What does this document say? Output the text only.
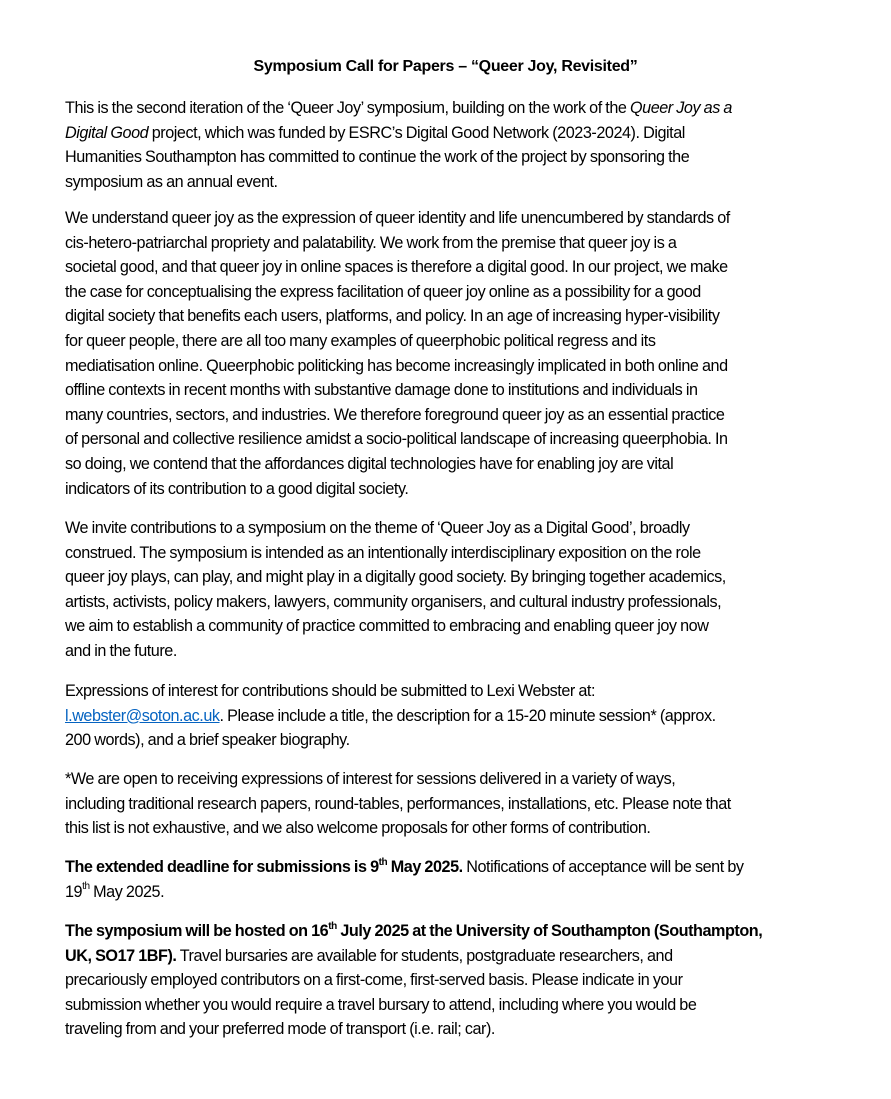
Symposium Call for Papers – “Queer Joy, Revisited”
This is the second iteration of the ‘Queer Joy’ symposium, building on the work of the Queer Joy as a
Digital Good project, which was funded by ESRC’s Digital Good Network (2023-2024). Digital
Humanities Southampton has committed to continue the work of the project by sponsoring the
symposium as an annual event.
We understand queer joy as the expression of queer identity and life unencumbered by standards of
cis-hetero-patriarchal propriety and palatability. We work from the premise that queer joy is a
societal good, and that queer joy in online spaces is therefore a digital good. In our project, we make
the case for conceptualising the express facilitation of queer joy online as a possibility for a good
digital society that benefits each users, platforms, and policy. In an age of increasing hyper-visibility
for queer people, there are all too many examples of queerphobic political regress and its
mediatisation online. Queerphobic politicking has become increasingly implicated in both online and
offline contexts in recent months with substantive damage done to institutions and individuals in
many countries, sectors, and industries. We therefore foreground queer joy as an essential practice
of personal and collective resilience amidst a socio-political landscape of increasing queerphobia. In
so doing, we contend that the affordances digital technologies have for enabling joy are vital
indicators of its contribution to a good digital society.
We invite contributions to a symposium on the theme of ‘Queer Joy as a Digital Good’, broadly
construed. The symposium is intended as an intentionally interdisciplinary exposition on the role
queer joy plays, can play, and might play in a digitally good society. By bringing together academics,
artists, activists, policy makers, lawyers, community organisers, and cultural industry professionals,
we aim to establish a community of practice committed to embracing and enabling queer joy now
and in the future.
Expressions of interest for contributions should be submitted to Lexi Webster at:
l.webster@soton.ac.uk. Please include a title, the description for a 15-20 minute session* (approx.
200 words), and a brief speaker biography.
*We are open to receiving expressions of interest for sessions delivered in a variety of ways,
including traditional research papers, round-tables, performances, installations, etc. Please note that
this list is not exhaustive, and we also welcome proposals for other forms of contribution.
The extended deadline for submissions is 9th May 2025. Notifications of acceptance will be sent by
19th May 2025.
The symposium will be hosted on 16th July 2025 at the University of Southampton (Southampton,
UK, SO17 1BF). Travel bursaries are available for students, postgraduate researchers, and
precariously employed contributors on a first-come, first-served basis. Please indicate in your
submission whether you would require a travel bursary to attend, including where you would be
traveling from and your preferred mode of transport (i.e. rail; car).
